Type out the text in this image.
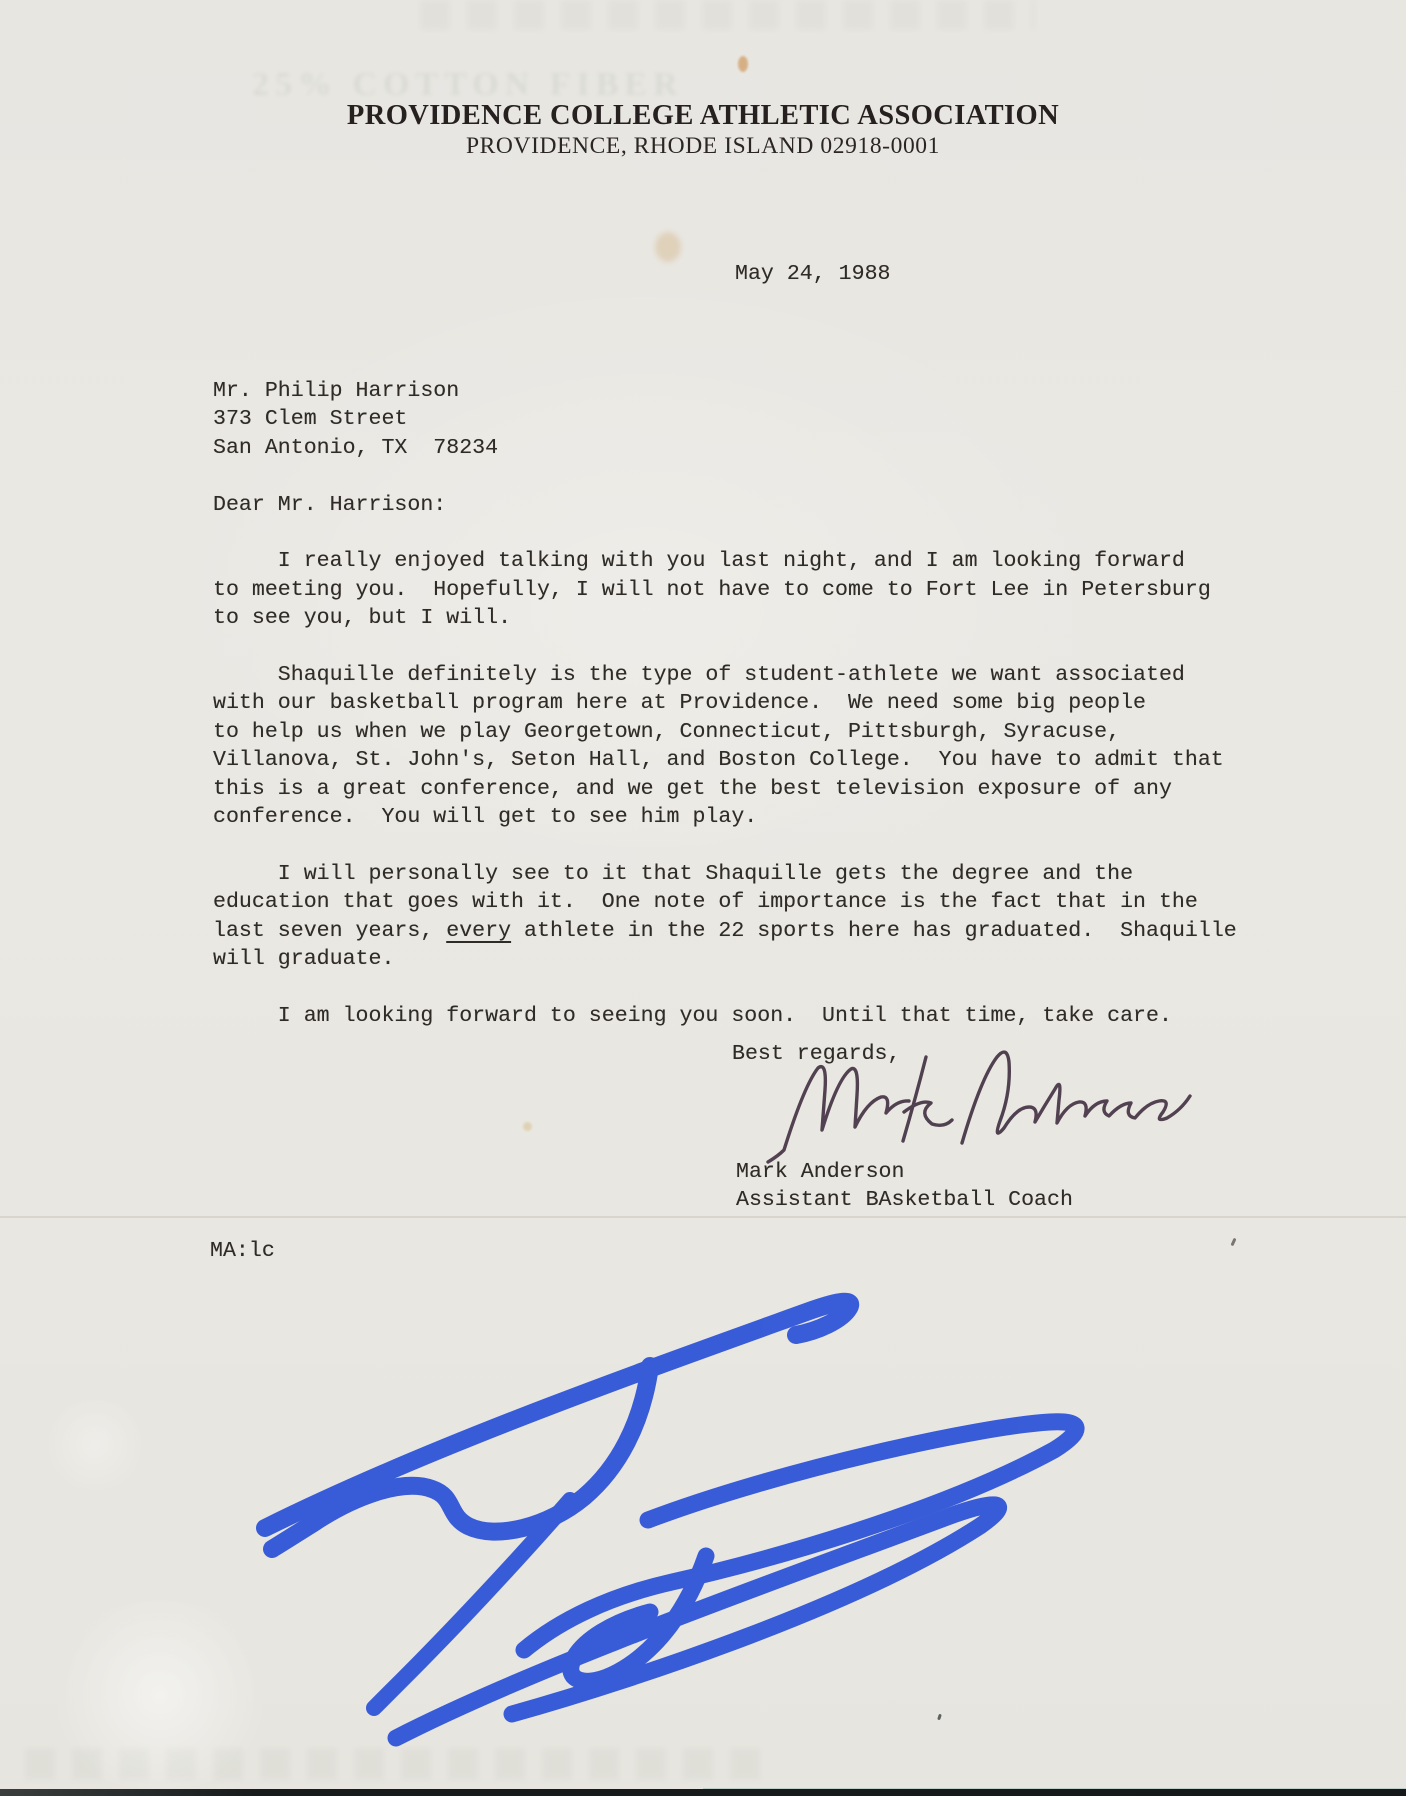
25% COTTON FIBER
PROVIDENCE COLLEGE ATHLETIC ASSOCIATION
PROVIDENCE, RHODE ISLAND 02918-0001
May 24, 1988
Mr. Philip Harrison
373 Clem Street
San Antonio, TX  78234

Dear Mr. Harrison:

I really enjoyed talking with you last night, and I am looking forward
to meeting you.  Hopefully, I will not have to come to Fort Lee in Petersburg
to see you, but I will.

Shaquille definitely is the type of student-athlete we want associated
with our basketball program here at Providence.  We need some big people
to help us when we play Georgetown, Connecticut, Pittsburgh, Syracuse,
Villanova, St. John's, Seton Hall, and Boston College.  You have to admit that
this is a great conference, and we get the best television exposure of any
conference.  You will get to see him play.

I will personally see to it that Shaquille gets the degree and the
education that goes with it.  One note of importance is the fact that in the
last seven years, every athlete in the 22 sports here has graduated.  Shaquille
will graduate.

I am looking forward to seeing you soon.  Until that time, take care.
Best regards,
Mark Anderson
Assistant BAsketball Coach
MA:lc
